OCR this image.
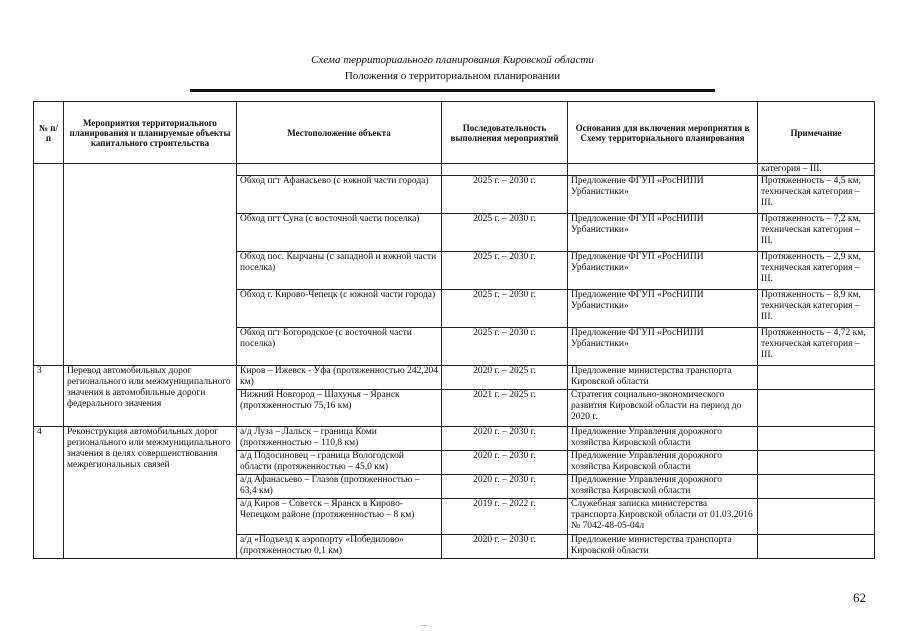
Схема территориального планирования Кировской области
Положения о территориальном планировании
№ п/п	Мероприятия территориального планирования и планируемые объекты капитального строительства	Местоположение объекта	Последовательность выполнения мероприятий	Основания для включения мероприятия в Схему территориального планирования	Примечание
					категория – III.
		Обход пгт Афанасьево (с южной части города)	2025 г. – 2030 г.	Предложение ФГУП «РосНИПИ Урбанистики»	Протяженность – 4,5 км, техническая категория – III.
		Обход пгт Суна (с восточной части поселка)	2025 г. – 2030 г.	Предложение ФГУП «РосНИПИ Урбанистики»	Протяженность – 7,2 км, техническая категория – III.
		Обход пос. Кырчаны (с западной и южной части поселка)	2025 г. – 2030 г.	Предложение ФГУП «РосНИПИ Урбанистики»	Протяженность – 2,9 км, техническая категория – III.
		Обход г. Кирово-Чепецк (с южной части города)	2025 г. – 2030 г.	Предложение ФГУП «РосНИПИ Урбанистики»	Протяженность – 8,9 км, техническая категория – III.
		Обход пгт Богородское (с восточной части поселка)	2025 г. – 2030 г.	Предложение ФГУП «РосНИПИ Урбанистики»	Протяженность – 4,72 км, техническая категория – III.
3	Перевод автомобильных дорог регионального или межмуниципального значения в автомобильные дороги федерального значения	Киров – Ижевск - Уфа (протяженностью 242,204 км)	2020 г. – 2025 г.	Предложение министерства транспорта Кировской области	
		Нижний Новгород – Шахунья – Яранск (протяженностью 75,16 км)	2021 г. – 2025 г.	Стратегия социально-экономического развития Кировской области на период до 2020 г.	
4	Реконструкция автомобильных дорог регионального или межмуниципального значения в целях совершенствования межрегиональных связей	а/д Луза – Лальск – граница Коми (протяженностью – 110,8 км)	2020 г. – 2030 г.	Предложение Управления дорожного хозяйства Кировской области	
		а/д Подосиновец – граница Вологодской области (протяженностью – 45,0 км)	2020 г. – 2030 г.	Предложение Управления дорожного хозяйства Кировской области	
		а/д Афанасьево – Глазов (протяженностью – 63,4 км)	2020 г. – 2030 г.	Предложение Управления дорожного хозяйства Кировской области	
		а/д Киров – Советск – Яранск в Кирово-Чепецком районе (протяженностью – 8 км)	2019 г. – 2022 г.	Служебная записка министерства транспорта Кировской области от 01.03.2016 № 7042-48-05-04л	
		а/д «Подъезд к аэропорту «Победилово» (протяженностью 0,1 км)	2020 г. – 2030 г.	Предложение министерства транспорта Кировской области	
62
–– .
